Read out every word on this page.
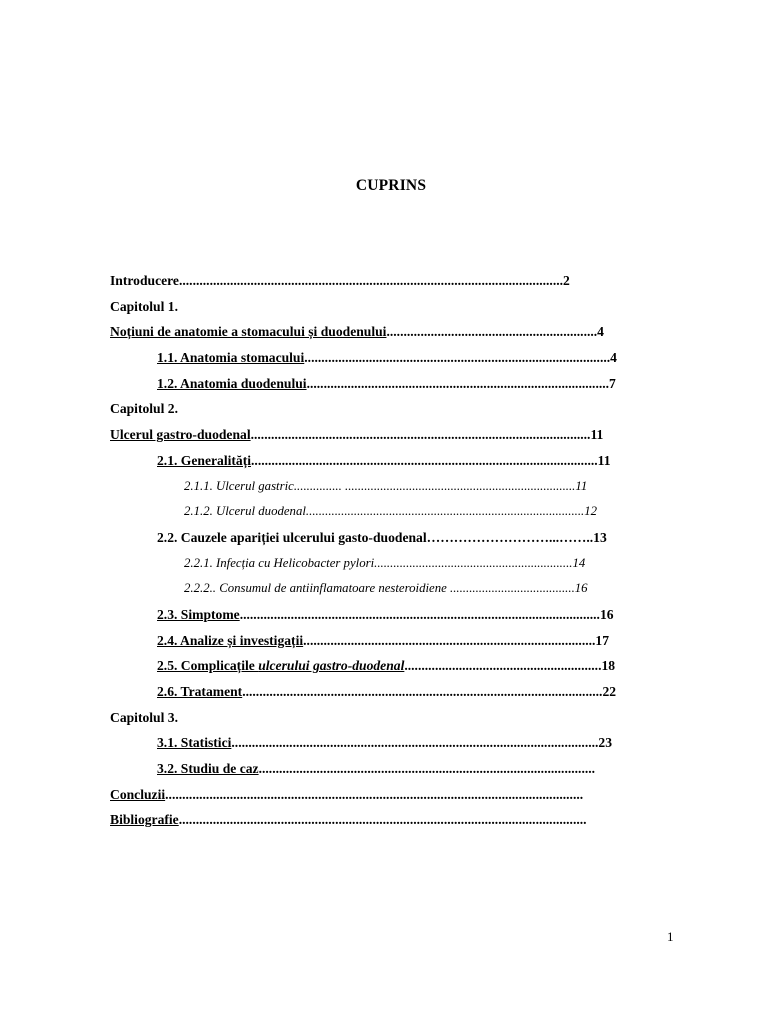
CUPRINS
Introducere.................................................................................................................2
Capitolul 1.
Noțiuni de anatomie a stomacului și duodenului..............................................................4
1.1. Anatomia stomacului..........................................................................................4
1.2. Anatomia duodenului.........................................................................................7
Capitolul 2.
Ulcerul gastro-duodenal....................................................................................................11
2.1. Generalități......................................................................................................11
2.1.1. Ulcerul gastric............... ........................................................................11
2.1.2. Ulcerul duodenal.......................................................................................12
2.2. Cauzele apariției ulcerului gasto-duodenal………………………...……..13
2.2.1. Infecția cu Helicobacter pylori..............................................................14
2.2.2.. Consumul de antiinflamatoare nesteroidiene .......................................16
2.3. Simptome..........................................................................................................16
2.4. Analize și investigații......................................................................................17
2.5. Complicațile ulcerului gastro-duodenal..........................................................18
2.6. Tratament..........................................................................................................22
Capitolul 3.
3.1. Statistici............................................................................................................23
3.2. Studiu de caz...................................................................................................
Concluzii...........................................................................................................................
Bibliografie........................................................................................................................
1
